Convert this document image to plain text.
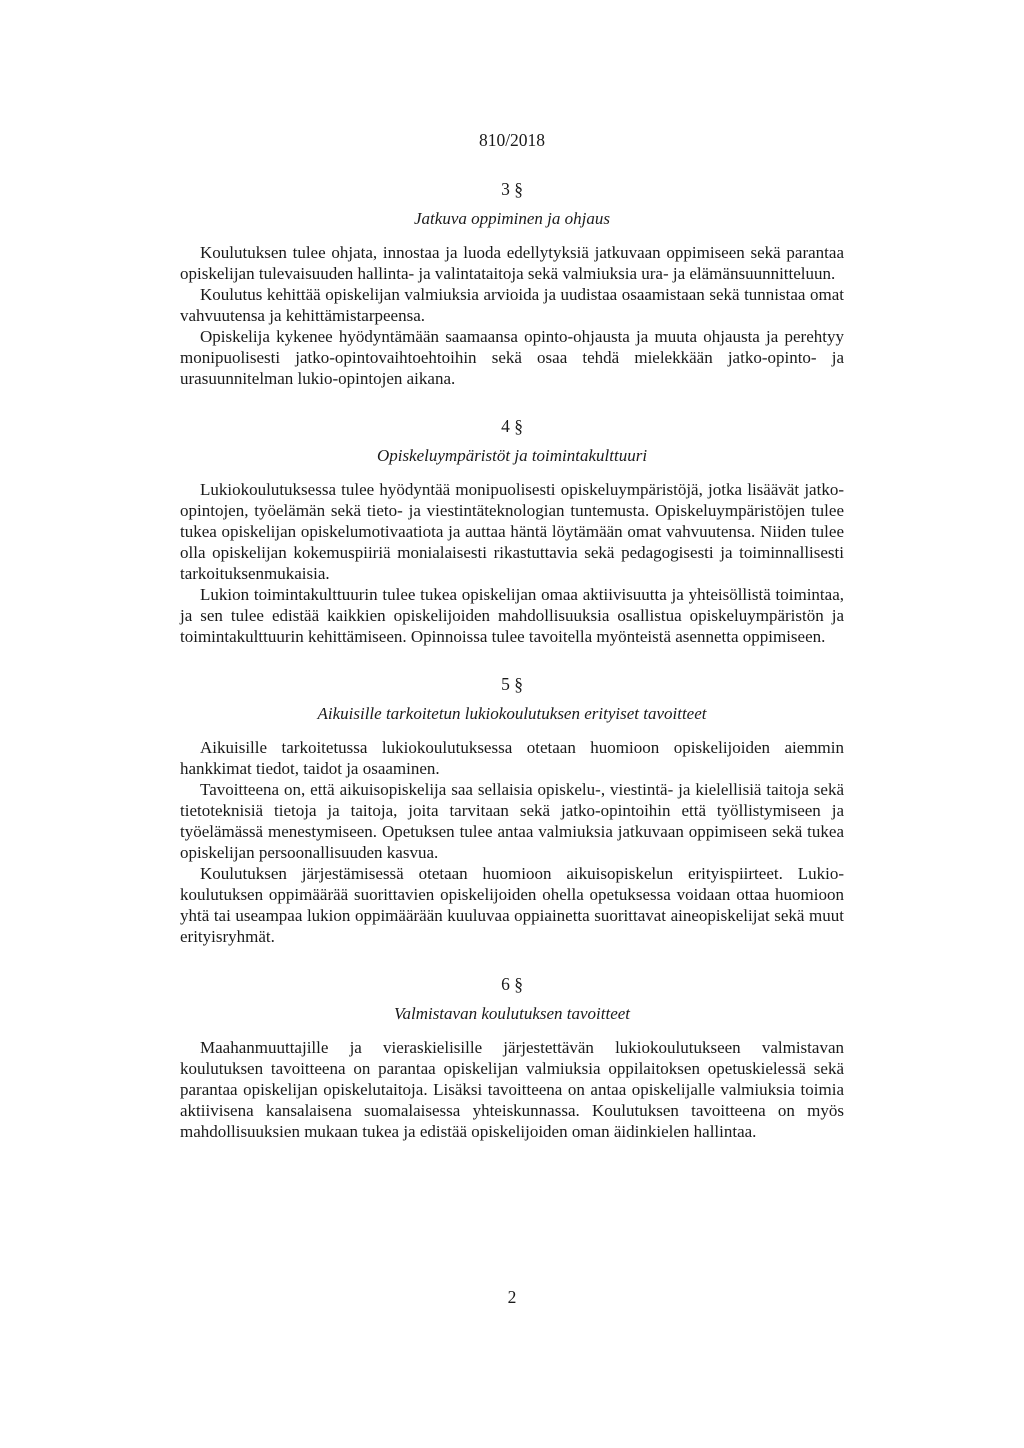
810/2018
3 §
Jatkuva oppiminen ja ohjaus

Koulutuksen tulee ohjata, innostaa ja luoda edellytyksiä jatkuvaan oppimiseen sekä parantaa opiskelijan tulevaisuuden hallinta- ja valintataitoja sekä valmiuksia ura- ja elämänsuunnitteluun.

Koulutus kehittää opiskelijan valmiuksia arvioida ja uudistaa osaamistaan sekä tunnistaa omat vahvuutensa ja kehittämistarpeensa.

Opiskelija kykenee hyödyntämään saamaansa opinto-ohjausta ja muuta ohjausta ja perehtyy monipuolisesti jatko-opintovaihtoehtoihin sekä osaa tehdä mielekkään jatko-opinto- ja urasuunnitelman lukio-opintojen aikana.

4 §
Opiskeluympäristöt ja toimintakulttuuri

Lukiokoulutuksessa tulee hyödyntää monipuolisesti opiskeluympäristöjä, jotka lisäävät jatko-opintojen, työelämän sekä tieto- ja viestintäteknologian tuntemusta. Opiskeluympäristöjen tulee tukea opiskelijan opiskelumotivaatiota ja auttaa häntä löytämään omat vahvuutensa. Niiden tulee olla opiskelijan kokemuspiiriä monialaisesti rikastuttavia sekä pedagogisesti ja toiminnallisesti tarkoituksenmukaisia.

Lukion toimintakulttuurin tulee tukea opiskelijan omaa aktiivisuutta ja yhteisöllistä toimintaa, ja sen tulee edistää kaikkien opiskelijoiden mahdollisuuksia osallistua opiskeluympäristön ja toimintakulttuurin kehittämiseen. Opinnoissa tulee tavoitella myönteistä asennetta oppimiseen.

5 §
Aikuisille tarkoitetun lukiokoulutuksen erityiset tavoitteet

Aikuisille tarkoitetussa lukiokoulutuksessa otetaan huomioon opiskelijoiden aiemmin hankkimat tiedot, taidot ja osaaminen.

Tavoitteena on, että aikuisopiskelija saa sellaisia opiskelu-, viestintä- ja kielellisiä taitoja sekä tietoteknisiä tietoja ja taitoja, joita tarvitaan sekä jatko-opintoihin että työllistymiseen ja työelämässä menestymiseen. Opetuksen tulee antaa valmiuksia jatkuvaan oppimiseen sekä tukea opiskelijan persoonallisuuden kasvua.

Koulutuksen järjestämisessä otetaan huomioon aikuisopiskelun erityispiirteet. Lukiokoulutuksen oppimäärää suorittavien opiskelijoiden ohella opetuksessa voidaan ottaa huomioon yhtä tai useampaa lukion oppimäärään kuuluvaa oppiainetta suorittavat aineopiskelijat sekä muut erityisryhmät.

6 §
Valmistavan koulutuksen tavoitteet

Maahanmuuttajille ja vieraskielisille järjestettävän lukiokoulutukseen valmistavan koulutuksen tavoitteena on parantaa opiskelijan valmiuksia oppilaitoksen opetuskielessä sekä parantaa opiskelijan opiskelutaitoja. Lisäksi tavoitteena on antaa opiskelijalle valmiuksia toimia aktiivisena kansalaisena suomalaisessa yhteiskunnassa. Koulutuksen tavoitteena on myös mahdollisuuksien mukaan tukea ja edistää opiskelijoiden oman äidinkielen hallintaa.

2
